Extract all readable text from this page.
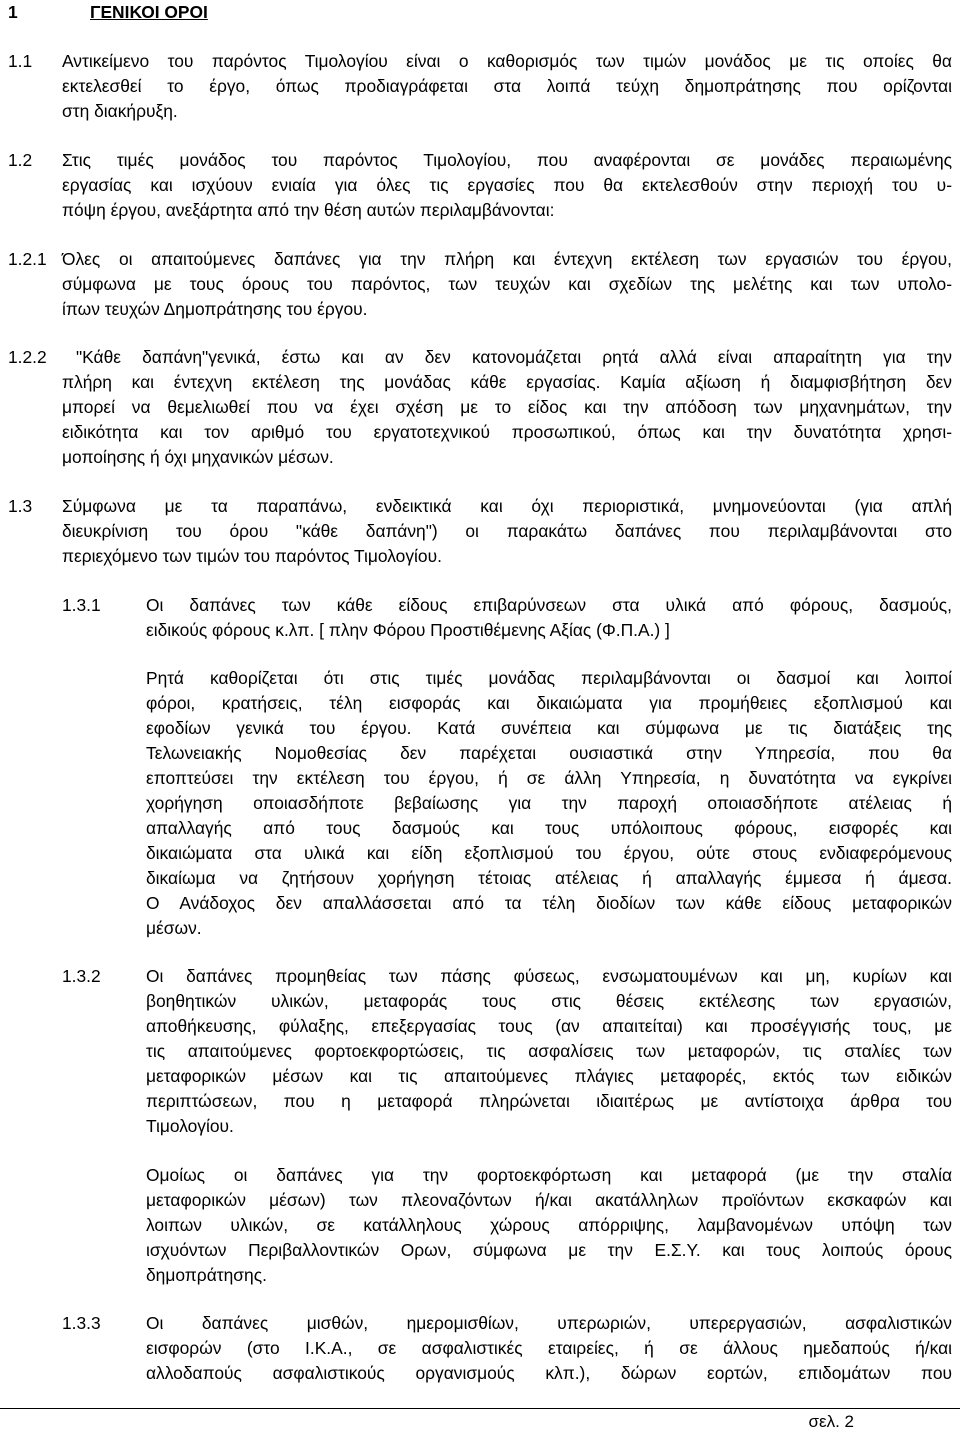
1	ΓΕΝΙΚΟΙ ΟΡΟΙ
1.1 Αντικείμενο του παρόντος Τιμολογίου είναι ο καθορισμός των τιμών μονάδος με τις οποίες θα
εκτελεσθεί το έργο, όπως προδιαγράφεται στα λοιπά τεύχη δημοπράτησης που ορίζονται
στη διακήρυξη.
1.2 Στις τιμές μονάδος του παρόντος Τιμολογίου, που αναφέρονται σε μονάδες περαιωμένης
εργασίας και ισχύουν ενιαία για όλες τις εργασίες που θα εκτελεσθούν στην περιοχή του υ-
πόψη έργου, ανεξάρτητα από την θέση αυτών περιλαμβάνονται:
1.2.1 Όλες οι απαιτούμενες δαπάνες για την πλήρη και έντεχνη εκτέλεση των εργασιών του έργου,
σύμφωνα με τους όρους του παρόντος, των τευχών και σχεδίων της μελέτης και των υπολο-
ίπων τευχών Δημοπράτησης του έργου.
1.2.2 "Κάθε δαπάνη"γενικά, έστω και αν δεν κατονομάζεται ρητά αλλά είναι απαραίτητη για την
πλήρη και έντεχνη εκτέλεση της μονάδας κάθε εργασίας. Καμία αξίωση ή διαμφισβήτηση δεν
μπορεί να θεμελιωθεί που να έχει σχέση με το είδος και την απόδοση των μηχανημάτων, την
ειδικότητα και τον αριθμό του εργατοτεχνικού προσωπικού, όπως και την δυνατότητα χρησι-
μοποίησης ή όχι μηχανικών μέσων.
1.3 Σύμφωνα με τα παραπάνω, ενδεικτικά και όχι περιοριστικά, μνημονεύονται (για απλή
διευκρίνιση του όρου "κάθε δαπάνη") οι παρακάτω δαπάνες που περιλαμβάνονται στο
περιεχόμενο των τιμών του παρόντος Τιμολογίου.
1.3.1	Οι δαπάνες των κάθε είδους επιβαρύνσεων στα υλικά από φόρους, δασμούς,
ειδικούς φόρους κ.λπ. [ πλην Φόρου Προστιθέμενης Αξίας (Φ.Π.Α.) ]
Ρητά καθορίζεται ότι στις τιμές μονάδας περιλαμβάνονται οι δασμοί και λοιποί
φόροι, κρατήσεις, τέλη εισφοράς και δικαιώματα για προμήθειες εξοπλισμού και
εφοδίων γενικά του έργου. Κατά συνέπεια και σύμφωνα με τις διατάξεις της
Τελωνειακής Νομοθεσίας δεν παρέχεται ουσιαστικά στην Υπηρεσία, που θα
εποπτεύσει την εκτέλεση του έργου, ή σε άλλη Υπηρεσία, η δυνατότητα να εγκρίνει
χορήγηση οποιασδήποτε βεβαίωσης για την παροχή οποιασδήποτε ατέλειας ή
απαλλαγής από τους δασμούς και τους υπόλοιπους φόρους, εισφορές και
δικαιώματα στα υλικά και είδη εξοπλισμού του έργου, ούτε στους ενδιαφερόμενους
δικαίωμα να ζητήσουν χορήγηση τέτοιας ατέλειας ή απαλλαγής έμμεσα ή άμεσα.
Ο Ανάδοχος δεν απαλλάσσεται από τα τέλη διοδίων των κάθε είδους μεταφορικών
μέσων.
1.3.2	Οι δαπάνες προμηθείας των πάσης φύσεως, ενσωματουμένων και μη, κυρίων και
βοηθητικών υλικών, μεταφοράς τους στις θέσεις εκτέλεσης των εργασιών,
αποθήκευσης, φύλαξης, επεξεργασίας τους (αν απαιτείται) και προσέγγισής τους, με
τις απαιτούμενες φορτοεκφορτώσεις, τις ασφαλίσεις των μεταφορών, τις σταλίες των
μεταφορικών μέσων και τις απαιτούμενες πλάγιες μεταφορές, εκτός των ειδικών
περιπτώσεων, που η μεταφορά πληρώνεται ιδιαιτέρως με αντίστοιχα άρθρα του
Τιμολογίου.
Ομοίως οι δαπάνες για την φορτοεκφόρτωση και μεταφορά (με την σταλία
μεταφορικών μέσων) των πλεοναζόντων ή/και ακατάλληλων προϊόντων εκσκαφών και
λοιπων υλικών, σε κατάλληλους χώρους απόρριψης, λαμβανομένων υπόψη των
ισχυόντων Περιβαλλοντικών Ορων, σύμφωνα με την Ε.Σ.Υ. και τους λοιπούς όρους
δημοπράτησης.
1.3.3	Οι δαπάνες μισθών, ημερομισθίων, υπερωριών, υπερεργασιών, ασφαλιστικών
εισφορών (στο Ι.Κ.Α., σε ασφαλιστικές εταιρείες, ή σε άλλους ημεδαπούς ή/και
αλλοδαπούς ασφαλιστικούς οργανισμούς κλπ.), δώρων εορτών, επιδομάτων που
σελ. 2
